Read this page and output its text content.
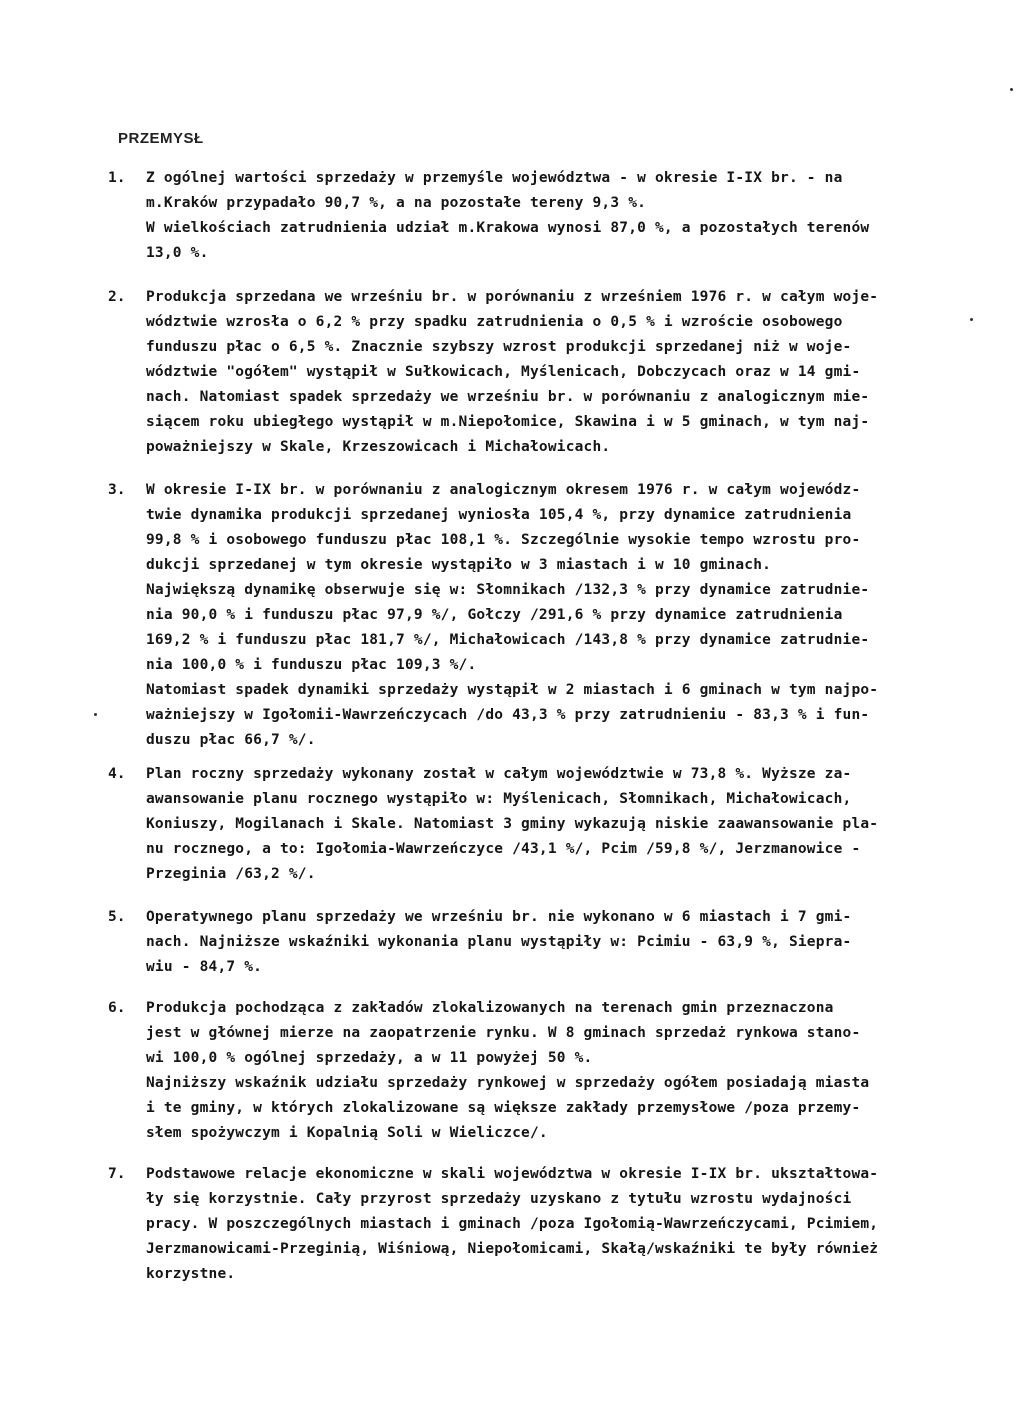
PRZEMYSŁ
1.	Z ogólnej wartości sprzedaży w przemyśle województwa - w okresie I-IX br. - na
m.Kraków przypadało 90,7 %, a na pozostałe tereny 9,3 %.
W wielkościach zatrudnienia udział m.Krakowa wynosi 87,0 %, a pozostałych terenów
13,0 %.
2.	Produkcja sprzedana we wrześniu br. w porównaniu z wrześniem 1976 r. w całym woje-
wództwie wzrosła o 6,2 % przy spadku zatrudnienia o 0,5 % i wzroście osobowego
funduszu płac o 6,5 %. Znacznie szybszy wzrost produkcji sprzedanej niż w woje-
wództwie "ogółem" wystąpił w Sułkowicach, Myślenicach, Dobczycach oraz w 14 gmi-
nach. Natomiast spadek sprzedaży we wrześniu br. w porównaniu z analogicznym mie-
siącem roku ubiegłego wystąpił w m.Niepołomice, Skawina i w 5 gminach, w tym naj-
poważniejszy w Skale, Krzeszowicach i Michałowicach.
3.	W okresie I-IX br. w porównaniu z analogicznym okresem 1976 r. w całym wojewódz-
twie dynamika produkcji sprzedanej wyniosła 105,4 %, przy dynamice zatrudnienia
99,8 % i osobowego funduszu płac 108,1 %. Szczególnie wysokie tempo wzrostu pro-
dukcji sprzedanej w tym okresie wystąpiło w 3 miastach i w 10 gminach.
Największą dynamikę obserwuje się w: Słomnikach /132,3 % przy dynamice zatrudnie-
nia 90,0 % i funduszu płac 97,9 %/, Gołczy /291,6 % przy dynamice zatrudnienia
169,2 % i funduszu płac 181,7 %/, Michałowicach /143,8 % przy dynamice zatrudnie-
nia 100,0 % i funduszu płac 109,3 %/.
Natomiast spadek dynamiki sprzedaży wystąpił w 2 miastach i 6 gminach w tym najpo-
ważniejszy w Igołomii-Wawrzeńczycach /do 43,3 % przy zatrudnieniu - 83,3 % i fun-
duszu płac 66,7 %/.
4.	Plan roczny sprzedaży wykonany został w całym województwie w 73,8 %. Wyższe za-
awansowanie planu rocznego wystąpiło w: Myślenicach, Słomnikach, Michałowicach,
Koniuszy, Mogilanach i Skale. Natomiast 3 gminy wykazują niskie zaawansowanie pla-
nu rocznego, a to: Igołomia-Wawrzeńczyce /43,1 %/, Pcim /59,8 %/, Jerzmanowice -
Przeginia /63,2 %/.
5.	Operatywnego planu sprzedaży we wrześniu br. nie wykonano w 6 miastach i 7 gmi-
nach. Najniższe wskaźniki wykonania planu wystąpiły w: Pcimiu - 63,9 %, Siepra-
wiu - 84,7 %.
6.	Produkcja pochodząca z zakładów zlokalizowanych na terenach gmin przeznaczona
jest w głównej mierze na zaopatrzenie rynku. W 8 gminach sprzedaż rynkowa stano-
wi 100,0 % ogólnej sprzedaży, a w 11 powyżej 50 %.
Najniższy wskaźnik udziału sprzedaży rynkowej w sprzedaży ogółem posiadają miasta
i te gminy, w których zlokalizowane są większe zakłady przemysłowe /poza przemy-
słem spożywczym i Kopalnią Soli w Wieliczce/.
7.	Podstawowe relacje ekonomiczne w skali województwa w okresie I-IX br. ukształtowa-
ły się korzystnie. Cały przyrost sprzedaży uzyskano z tytułu wzrostu wydajności
pracy. W poszczególnych miastach i gminach /poza Igołomią-Wawrzeńczycami, Pcimiem,
Jerzmanowicami-Przeginią, Wiśniową, Niepołomicami, Skałą/wskaźniki te były również
korzystne.
